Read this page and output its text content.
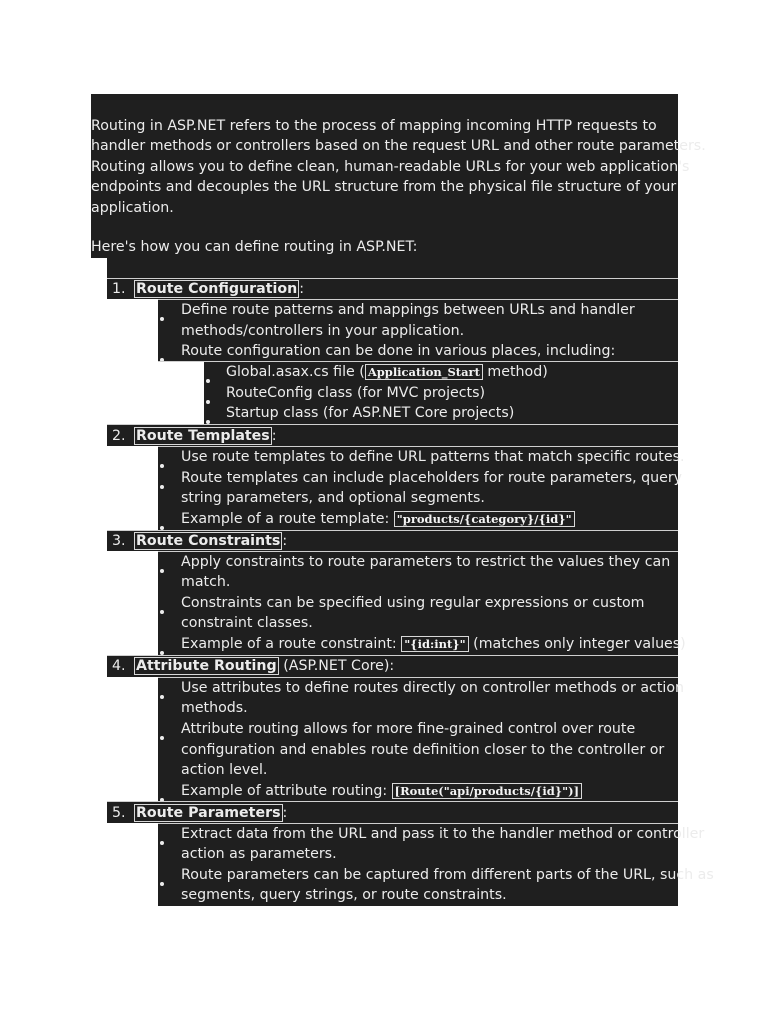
Routing in ASP.NET refers to the process of mapping incoming HTTP requests to
handler methods or controllers based on the request URL and other route parameters.
Routing allows you to define clean, human-readable URLs for your web application's
endpoints and decouples the URL structure from the physical file structure of your
application.
Here's how you can define routing in ASP.NET:
1. Route Configuration :
Define route patterns and mappings between URLs and handler
methods/controllers in your application.
Route configuration can be done in various places, including:
Global.asax.cs file ( Application_Start method)
RouteConfig class (for MVC projects)
Startup class (for ASP.NET Core projects)
2. Route Templates :
Use route templates to define URL patterns that match specific routes.
Route templates can include placeholders for route parameters, query
string parameters, and optional segments.
Example of a route template: "products/{category}/{id}"
3. Route Constraints :
Apply constraints to route parameters to restrict the values they can
match.
Constraints can be specified using regular expressions or custom
constraint classes.
Example of a route constraint: "{id:int}" (matches only integer values)
4. Attribute Routing (ASP.NET Core):
Use attributes to define routes directly on controller methods or action
methods.
Attribute routing allows for more fine-grained control over route
configuration and enables route definition closer to the controller or
action level.
Example of attribute routing: [Route("api/products/{id}")]
5. Route Parameters :
Extract data from the URL and pass it to the handler method or controller
action as parameters.
Route parameters can be captured from different parts of the URL, such as
segments, query strings, or route constraints.
